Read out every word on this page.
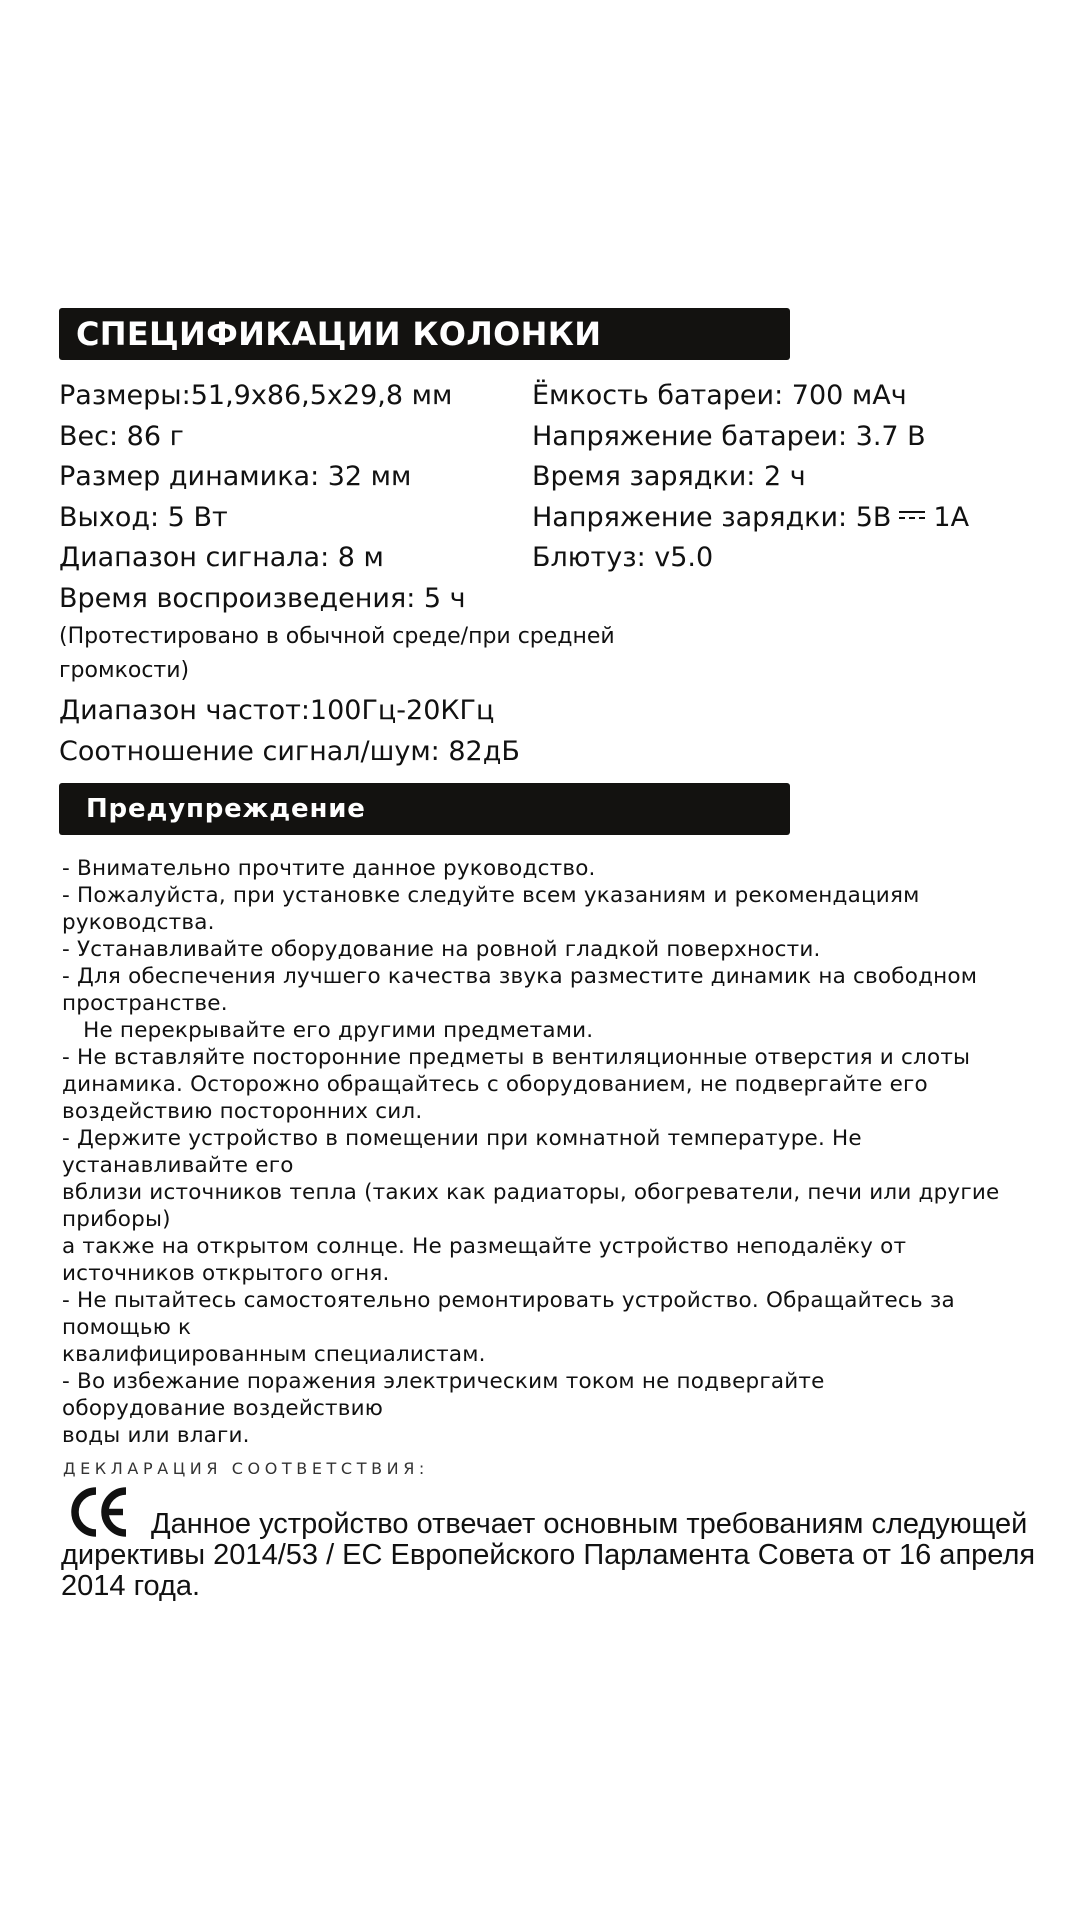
СПЕЦИФИКАЦИИ КОЛОНКИ
Размеры:51,9х86,5х29,8 мм
Вес: 86 г
Размер динамика: 32 мм
Выход: 5 Вт
Диапазон сигнала: 8 м
Время воспроизведения: 5 ч
(Протестировано в обычной среде/при средней громкости)
Диапазон частот:100Гц-20КГц
Соотношение сигнал/шум: 82дБ
Ёмкость батареи: 700 мАч
Напряжение батареи: 3.7 В
Время зарядки: 2 ч
Напряжение зарядки: 5В 1А
Блютуз: v5.0
Предупреждение
- Внимательно прочтите данное руководство.
- Пожалуйста, при установке следуйте всем указаниям и рекомендациям
руководства.
- Устанавливайте оборудование на ровной гладкой поверхности.
- Для обеспечения лучшего качества звука разместите динамик на свободном
пространстве.
Не перекрывайте его другими предметами.
- Не вставляйте посторонние предметы в вентиляционные отверстия и слоты
динамика. Осторожно обращайтесь с оборудованием, не подвергайте его
воздействию посторонних сил.
- Держите устройство в помещении при комнатной температуре. Не
устанавливайте его
вблизи источников тепла (таких как радиаторы, обогреватели, печи или другие
приборы)
а также на открытом солнце. Не размещайте устройство неподалёку от
источников открытого огня.
- Не пытайтесь самостоятельно ремонтировать устройство. Обращайтесь за
помощью к
квалифицированным специалистам.
- Во избежание поражения электрическим током не подвергайте
оборудование воздействию
воды или влаги.
ДЕКЛАРАЦИЯ СООТВЕТСТВИЯ:
Данное устройство отвечает основным требованиям следующей директивы 2014/53 / ЕС Европейского Парламента Совета от 16 апреля 2014 года.
